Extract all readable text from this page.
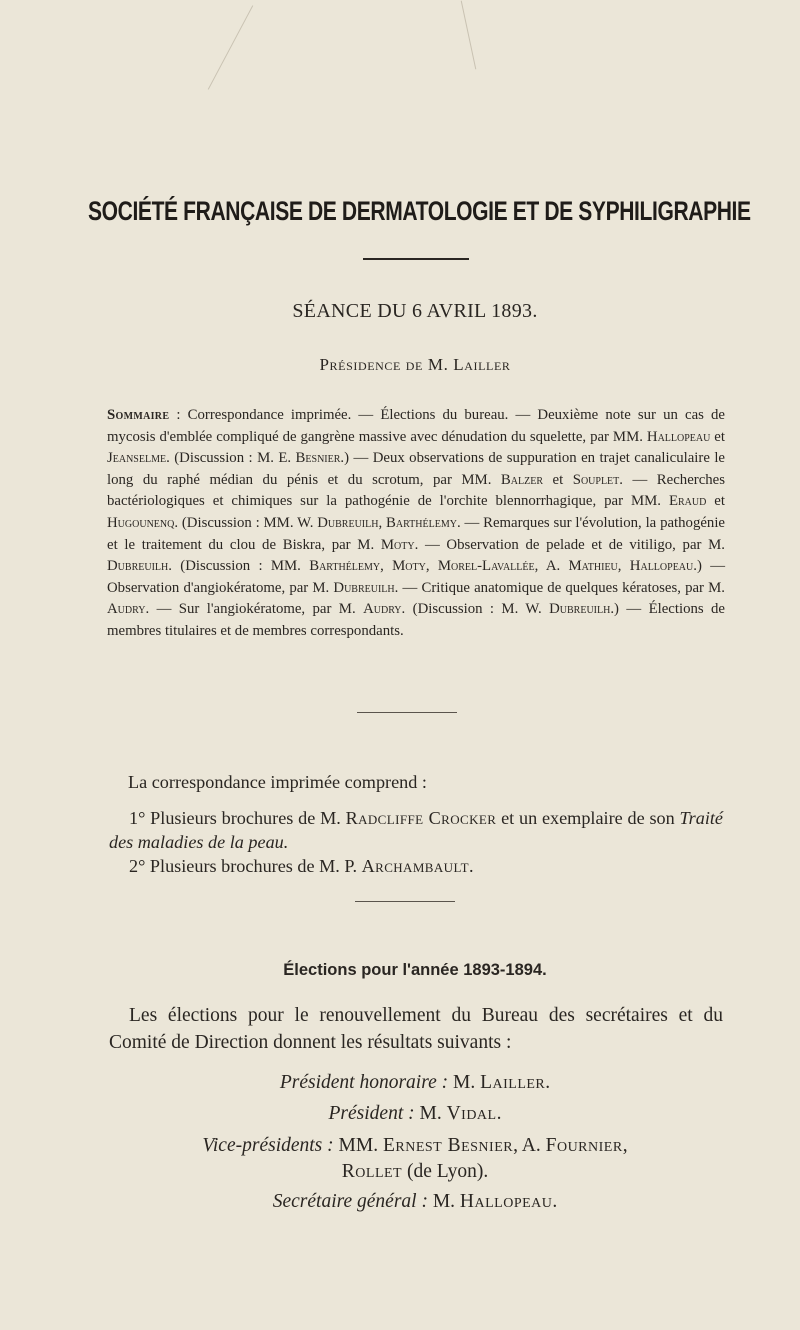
SOCIÉTÉ FRANÇAISE DE DERMATOLOGIE ET DE SYPHILIGRAPHIE
SÉANCE DU 6 AVRIL 1893.
Présidence de M. Lailler
Sommaire : Correspondance imprimée. — Élections du bureau. — Deuxième note sur un cas de mycosis d'emblée compliqué de gangrène massive avec dénudation du squelette, par MM. Hallopeau et Jeanselme. (Discussion : M. E. Besnier.) — Deux observations de suppuration en trajet canaliculaire le long du raphé médian du pénis et du scrotum, par MM. Balzer et Souplet. — Recherches bactériologiques et chimiques sur la pathogénie de l'orchite blennorrhagique, par MM. Eraud et Hugounenq. (Discussion : MM. W. Dubreuilh, Barthélemy. — Remarques sur l'évolution, la pathogénie et le traitement du clou de Biskra, par M. Moty. — Observation de pelade et de vitiligo, par M. Dubreuilh. (Discussion : MM. Barthélemy, Moty, Morel-Lavallée, A. Mathieu, Hallopeau.) — Observation d'angiokératome, par M. Dubreuilh. — Critique anatomique de quelques kératoses, par M. Audry. — Sur l'angiokératome, par M. Audry. (Discussion : M. W. Dubreuilh.) — Élections de membres titulaires et de membres correspondants.
La correspondance imprimée comprend :

1° Plusieurs brochures de M. Radcliffe Crocker et un exemplaire de son Traité des maladies de la peau.

2° Plusieurs brochures de M. P. Archambault.

Élections pour l'année 1893-1894.

Les élections pour le renouvellement du Bureau des secrétaires et du Comité de Direction donnent les résultats suivants :

Président honoraire : M. Lailler.
Président : M. Vidal.
Vice-présidents : MM. Ernest Besnier, A. Fournier,
Rollet (de Lyon).
Secrétaire général : M. Hallopeau.
